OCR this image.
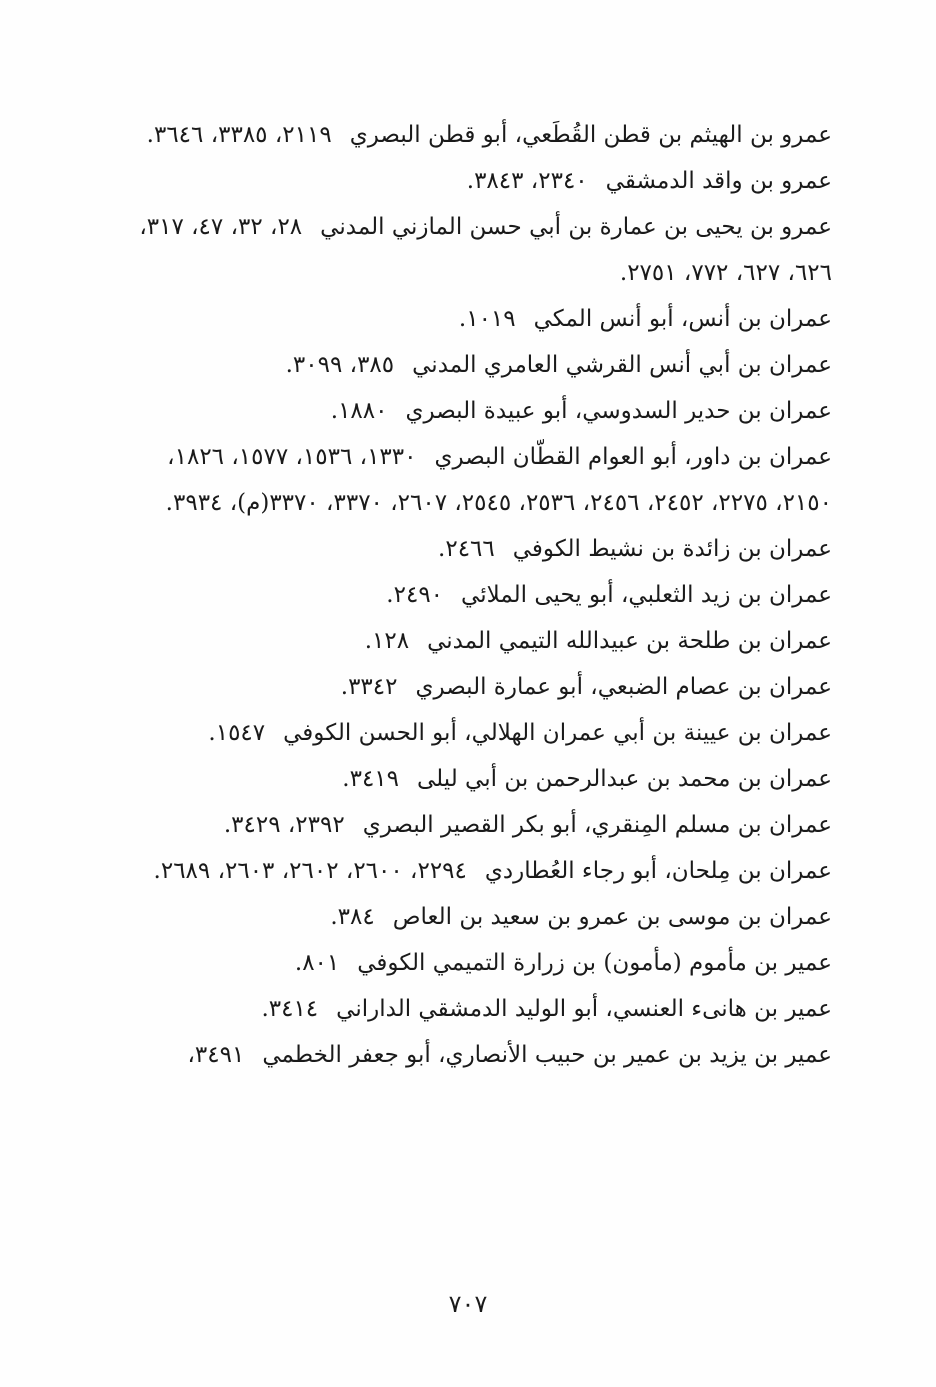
عمرو بن الهيثم بن قطن القُطَعي، أبو قطن البصري٢١١٩، ٣٣٨٥، ٣٦٤٦.

عمرو بن واقد الدمشقي٢٣٤٠، ٣٨٤٣.

عمرو بن يحيى بن عمارة بن أبي حسن المازني المدني٢٨، ٣٢، ٤٧، ٣١٧، ٦٢٦، ٦٢٧، ٧٧٢، ٢٧٥١.

عمران بن أنس، أبو أنس المكي١٠١٩.

عمران بن أبي أنس القرشي العامري المدني٣٨٥، ٣٠٩٩.

عمران بن حدير السدوسي، أبو عبيدة البصري١٨٨٠.

عمران بن داور، أبو العوام القطّان البصري١٣٣٠، ١٥٣٦، ١٥٧٧، ١٨٢٦، ٢١٥٠، ٢٢٧٥، ٢٤٥٢، ٢٤٥٦، ٢٥٣٦، ٢٥٤٥، ٢٦٠٧، ٣٣٧٠، ٣٣٧٠(م)، ٣٩٣٤.

عمران بن زائدة بن نشيط الكوفي٢٤٦٦.

عمران بن زيد الثعلبي، أبو يحيى الملائي٢٤٩٠.

عمران بن طلحة بن عبيدالله التيمي المدني١٢٨.

عمران بن عصام الضبعي، أبو عمارة البصري٣٣٤٢.

عمران بن عيينة بن أبي عمران الهلالي، أبو الحسن الكوفي١٥٤٧.

عمران بن محمد بن عبدالرحمن بن أبي ليلى٣٤١٩.

عمران بن مسلم المِنقري، أبو بكر القصير البصري٢٣٩٢، ٣٤٢٩.

عمران بن مِلحان، أبو رجاء العُطاردي٢٢٩٤، ٢٦٠٠، ٢٦٠٢، ٢٦٠٣، ٢٦٨٩.

عمران بن موسى بن عمرو بن سعيد بن العاص٣٨٤.

عمير بن مأموم (مأمون) بن زرارة التميمي الكوفي٨٠١.

عمير بن هانىء العنسي، أبو الوليد الدمشقي الداراني٣٤١٤.

عمير بن يزيد بن عمير بن حبيب الأنصاري، أبو جعفر الخطمي٣٤٩١،

٧٠٧
